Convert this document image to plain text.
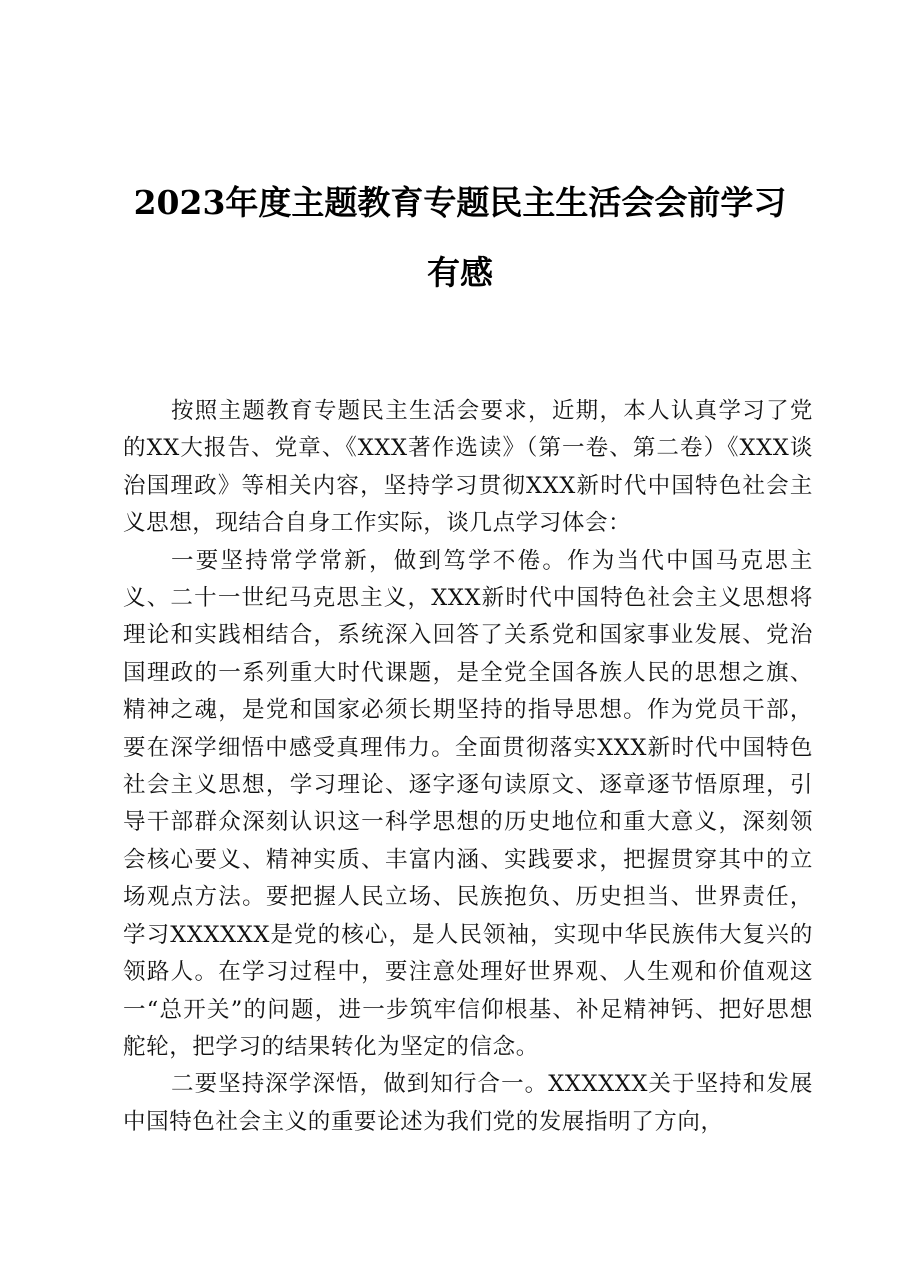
2023年度主题教育专题民主生活会会前学习
有感

按照主题教育专题民主生活会要求，近期，本人认真学习了党的XX大报告、党章、《XXX著作选读》（第一卷、第二卷）《XXX谈治国理政》等相关内容，坚持学习贯彻XXX新时代中国特色社会主义思想，现结合自身工作实际，谈几点学习体会：

一要坚持常学常新，做到笃学不倦。作为当代中国马克思主义、二十一世纪马克思主义，XXX新时代中国特色社会主义思想将理论和实践相结合，系统深入回答了关系党和国家事业发展、党治国理政的一系列重大时代课题，是全党全国各族人民的思想之旗、精神之魂，是党和国家必须长期坚持的指导思想。作为党员干部，要在深学细悟中感受真理伟力。全面贯彻落实XXX新时代中国特色社会主义思想，学习理论、逐字逐句读原文、逐章逐节悟原理，引导干部群众深刻认识这一科学思想的历史地位和重大意义，深刻领会核心要义、精神实质、丰富内涵、实践要求，把握贯穿其中的立场观点方法。要把握人民立场、民族抱负、历史担当、世界责任，学习XXXXXX是党的核心，是人民领袖，实现中华民族伟大复兴的领路人。在学习过程中，要注意处理好世界观、人生观和价值观这一“总开关”的问题，进一步筑牢信仰根基、补足精神钙、把好思想舵轮，把学习的结果转化为坚定的信念。

二要坚持深学深悟，做到知行合一。XXXXXX关于坚持和发展中国特色社会主义的重要论述为我们党的发展指明了方向，
